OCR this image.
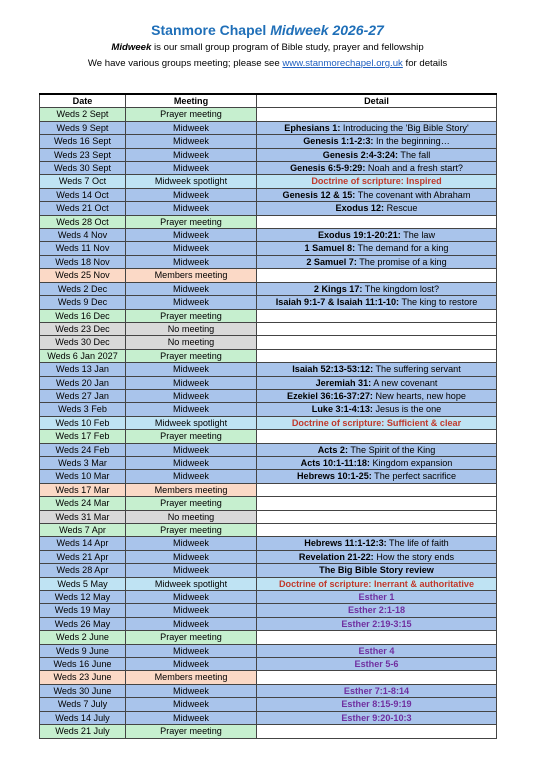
Stanmore Chapel Midweek 2026-27
Midweek is our small group program of Bible study, prayer and fellowship
We have various groups meeting; please see www.stanmorechapel.org.uk for details
Date	Meeting	Detail
Weds 2 Sept	Prayer meeting	
Weds 9 Sept	Midweek	Ephesians 1: Introducing the 'Big Bible Story'
Weds 16 Sept	Midweek	Genesis 1:1-2:3: In the beginning…
Weds 23 Sept	Midweek	Genesis 2:4-3:24: The fall
Weds 30 Sept	Midweek	Genesis 6:5-9:29: Noah and a fresh start?
Weds 7 Oct	Midweek spotlight	Doctrine of scripture: Inspired
Weds 14 Oct	Midweek	Genesis 12 & 15: The covenant with Abraham
Weds 21 Oct	Midweek	Exodus 12: Rescue
Weds 28 Oct	Prayer meeting	
Weds 4 Nov	Midweek	Exodus 19:1-20:21: The law
Weds 11 Nov	Midweek	1 Samuel 8: The demand for a king
Weds 18 Nov	Midweek	2 Samuel 7: The promise of a king
Weds 25 Nov	Members meeting	
Weds 2 Dec	Midweek	2 Kings 17: The kingdom lost?
Weds 9 Dec	Midweek	Isaiah 9:1-7 & Isaiah 11:1-10: The king to restore
Weds 16 Dec	Prayer meeting	
Weds 23 Dec	No meeting	
Weds 30 Dec	No meeting	
Weds 6 Jan 2027	Prayer meeting	
Weds 13 Jan	Midweek	Isaiah 52:13-53:12: The suffering servant
Weds 20 Jan	Midweek	Jeremiah 31: A new covenant
Weds 27 Jan	Midweek	Ezekiel 36:16-37:27: New hearts, new hope
Weds 3 Feb	Midweek	Luke 3:1-4:13: Jesus is the one
Weds 10 Feb	Midweek spotlight	Doctrine of scripture: Sufficient & clear
Weds 17 Feb	Prayer meeting	
Weds 24 Feb	Midweek	Acts 2: The Spirit of the King
Weds 3 Mar	Midweek	Acts 10:1-11:18: Kingdom expansion
Weds 10 Mar	Midweek	Hebrews 10:1-25: The perfect sacrifice
Weds 17 Mar	Members meeting	
Weds 24 Mar	Prayer meeting	
Weds 31 Mar	No meeting	
Weds 7 Apr	Prayer meeting	
Weds 14 Apr	Midweek	Hebrews 11:1-12:3: The life of faith
Weds 21 Apr	Midweek	Revelation 21-22: How the story ends
Weds 28 Apr	Midweek	The Big Bible Story review
Weds 5 May	Midweek spotlight	Doctrine of scripture: Inerrant & authoritative
Weds 12 May	Midweek	Esther 1
Weds 19 May	Midweek	Esther 2:1-18
Weds 26 May	Midweek	Esther 2:19-3:15
Weds 2 June	Prayer meeting	
Weds 9 June	Midweek	Esther 4
Weds 16 June	Midweek	Esther 5-6
Weds 23 June	Members meeting	
Weds 30 June	Midweek	Esther 7:1-8:14
Weds 7 July	Midweek	Esther 8:15-9:19
Weds 14 July	Midweek	Esther 9:20-10:3
Weds 21 July	Prayer meeting	
